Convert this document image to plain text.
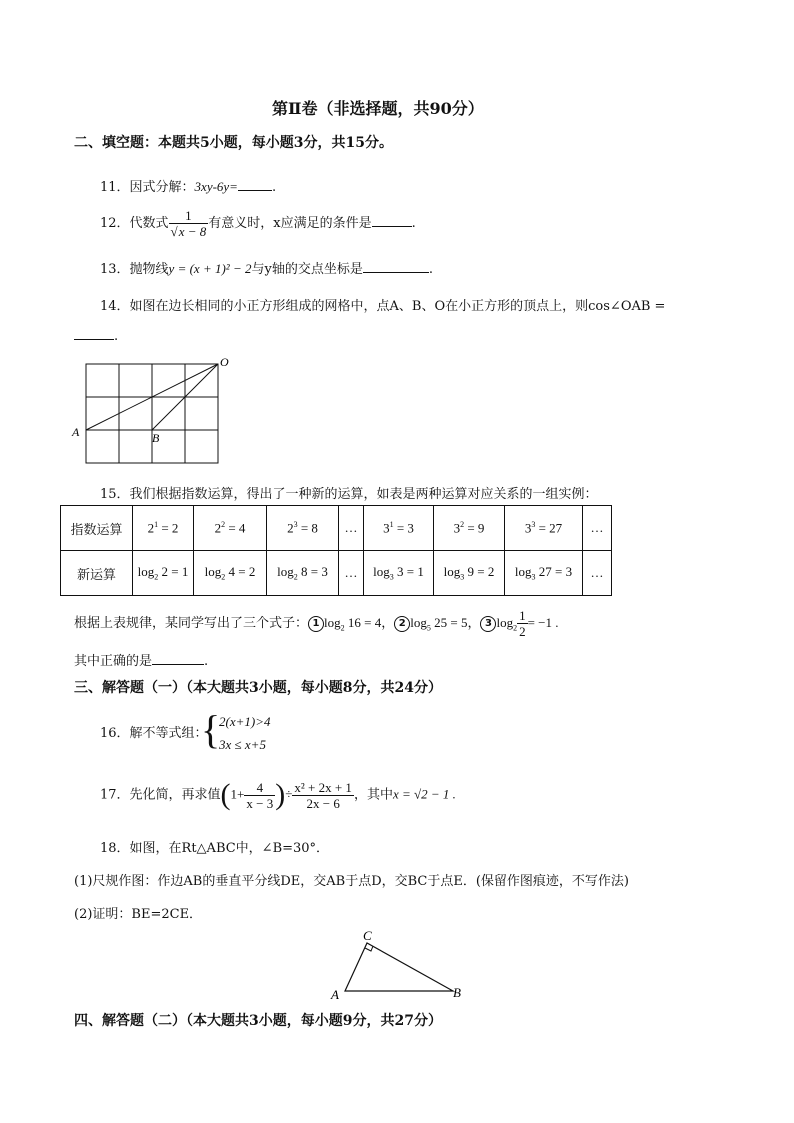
第Ⅱ卷（非选择题，共90分）
二、填空题：本题共5小题，每小题3分，共15分。
11．因式分解：3xy-6y=	.
12．代数式 $\frac{1}{√x - 8}$ 有意义时，x应满足的条件是	.
13．抛物线y = (x + 1)² − 2与y轴的交点坐标是	.
14．如图在边长相同的小正方形组成的网格中，点A、B、O在小正方形的顶点上，则cos∠OAB =
.
A	B
O
15．我们根据指数运算，得出了一种新的运算，如表是两种运算对应关系的一组实例：
指数运算	$2^1 = 2$	$2^2 = 4$	$2^3 = 8$	…	$3^1 = 3$	$3^2 = 9$	$3^3 = 27$	…
新运算	$\log_2 2 = 1$	$\log_2 4 = 2$	$\log_2 8 = 3$	…	$\log_3 3 = 1$	$\log_3 9 = 2$	$\log_3 27 = 3$	…
根据上表规律，某同学写出了三个式子： 1 $\log_2 16 = 4$， 2 $\log_5 25 = 5$， 3 $\log_2 \frac{1}{2} = -1$ .
其中正确的是	.
三、解答题（一）（本大题共3小题，每小题8分，共24分）
16．解不等式组：
{
2(x+1)>4
3x ≤ x+5
17．先化简，再求值($1+ \frac{4}{x - 3}$ )÷ $\frac{\text{x² + 2x + 1}}{2x - 6}$ ，其中x = √2 − 1 .
18．如图，在Rt△ABC中，∠B=30°．
(1)尺规作图：作边AB的垂直平分线DE，交AB于点D，交BC于点E．(保留作图痕迹，不写作法)
(2)证明：BE=2CE．
A	B
C
四、解答题（二）（本大题共3小题，每小题9分，共27分）
